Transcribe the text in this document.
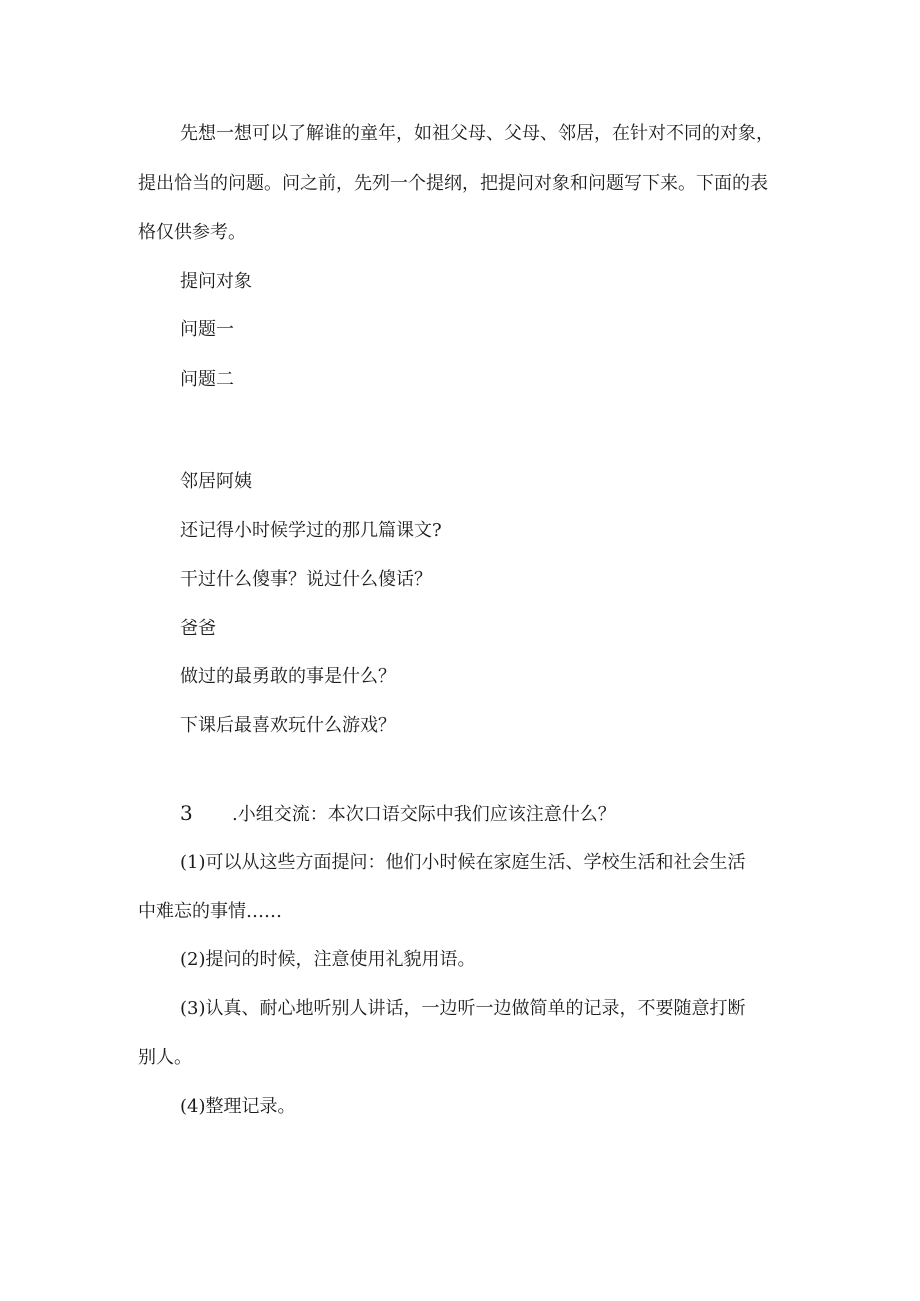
先想一想可以了解谁的童年，如祖父母、父母、邻居，在针对不同的对象，
提出恰当的问题。问之前，先列一个提纲，把提问对象和问题写下来。下面的表
格仅供参考。
提问对象
问题一
问题二
邻居阿姨
还记得小时候学过的那几篇课文?
干过什么傻事？说过什么傻话？
爸爸
做过的最勇敢的事是什么？
下课后最喜欢玩什么游戏？
3 .小组交流：本次口语交际中我们应该注意什么？
(1)可以从这些方面提问：他们小时候在家庭生活、学校生活和社会生活
中难忘的事情……
(2)提问的时候，注意使用礼貌用语。
(3)认真、耐心地听别人讲话，一边听一边做简单的记录，不要随意打断
别人。
(4)整理记录。
